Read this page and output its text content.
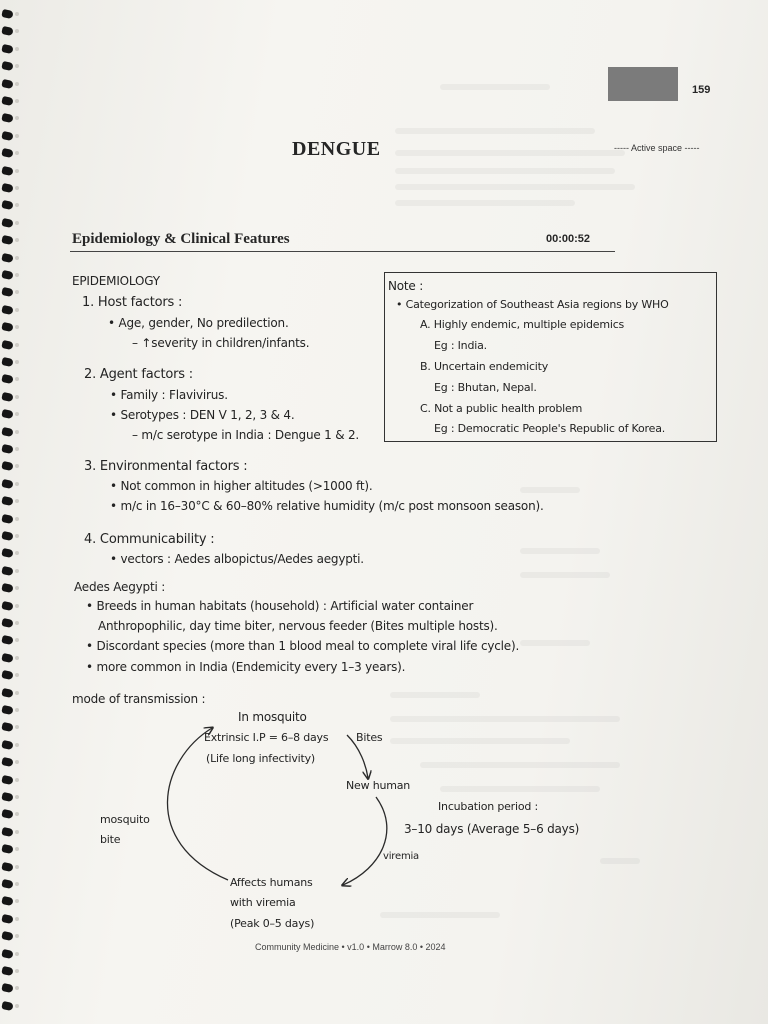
159
DENGUE	----- Active space -----
Epidemiology & Clinical Features	00:00:52
EPIDEMIOLOGY
1. Host factors :
• Age, gender, No predilection.
– ↑severity in children/infants.
2. Agent factors :
• Family : Flavivirus.
• Serotypes : DEN V 1, 2, 3 & 4.
– m/c serotype in India : Dengue 1 & 2.
3. Environmental factors :
• Not common in higher altitudes (>1000 ft).
• m/c in 16–30°C & 60–80% relative humidity (m/c post monsoon season).
4. Communicability :
• vectors : Aedes albopictus/Aedes aegypti.
Note :
• Categorization of Southeast Asia regions by WHO
A. Highly endemic, multiple epidemics
Eg : India.
B. Uncertain endemicity
Eg : Bhutan, Nepal.
C. Not a public health problem
Eg : Democratic People's Republic of Korea.
Aedes Aegypti :
• Breeds in human habitats (household) : Artificial water container
Anthropophilic, day time biter, nervous feeder (Bites multiple hosts).
• Discordant species (more than 1 blood meal to complete viral life cycle).
• more common in India (Endemicity every 1–3 years).
mode of transmission :
In mosquito
Extrinsic I.P = 6–8 days	Bites
(Life long infectivity)
New human
Incubation period :
3–10 days (Average 5–6 days)
viremia
Affects humans
with viremia
(Peak 0–5 days)
mosquito
bite
Community Medicine • v1.0 • Marrow 8.0 • 2024
